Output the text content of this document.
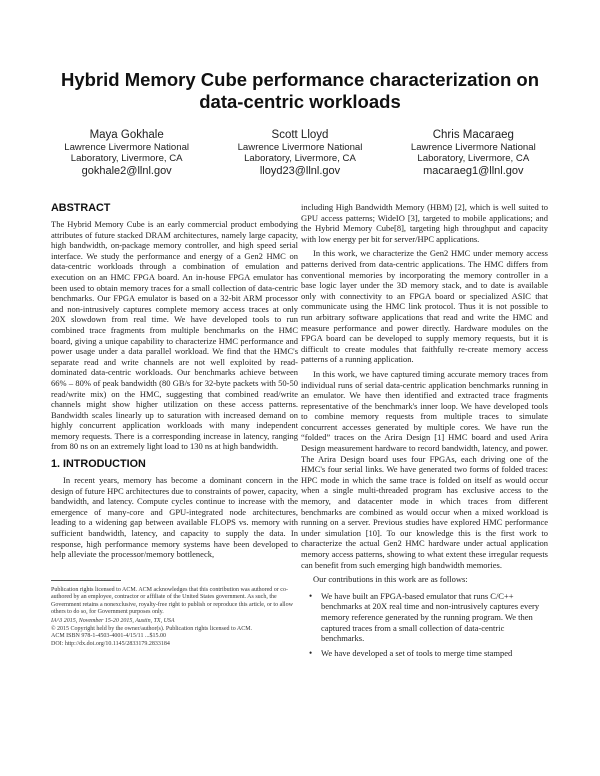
Hybrid Memory Cube performance characterization on data-centric workloads
Maya Gokhale
Lawrence Livermore National
Laboratory, Livermore, CA
gokhale2@llnl.gov
Scott Lloyd
Lawrence Livermore National
Laboratory, Livermore, CA
lloyd23@llnl.gov
Chris Macaraeg
Lawrence Livermore National
Laboratory, Livermore, CA
macaraeg1@llnl.gov
ABSTRACT

The Hybrid Memory Cube is an early commercial product embodying attributes of future stacked DRAM architectures, namely large capacity, high bandwidth, on-package memory controller, and high speed serial interface. We study the performance and energy of a Gen2 HMC on data-centric workloads through a combination of emulation and execution on an HMC FPGA board. An in-house FPGA emulator has been used to obtain memory traces for a small collection of data-centric benchmarks. Our FPGA emulator is based on a 32-bit ARM processor and non-intrusively captures complete memory access traces at only 20X slowdown from real time. We have developed tools to run combined trace fragments from multiple benchmarks on the HMC board, giving a unique capability to characterize HMC performance and power usage under a data parallel workload. We find that the HMC's separate read and write channels are not well exploited by read-dominated data-centric workloads. Our benchmarks achieve between 66% – 80% of peak bandwidth (80 GB/s for 32-byte packets with 50-50 read/write mix) on the HMC, suggesting that combined read/write channels might show higher utilization on these access patterns. Bandwidth scales linearly up to saturation with increased demand on highly concurrent application workloads with many independent memory requests. There is a corresponding increase in latency, ranging from 80 ns on an extremely light load to 130 ns at high bandwidth.

1. INTRODUCTION

In recent years, memory has become a dominant concern in the design of future HPC architectures due to constraints of power, capacity, bandwidth, and latency. Compute cycles continue to increase with the emergence of many-core and GPU-integrated node architectures, leading to a widening gap between available FLOPS vs. memory with sufficient bandwidth, latency, and capacity to supply the data. In response, high performance memory systems have been developed to help alleviate the processor/memory bottleneck,

Publication rights licensed to ACM. ACM acknowledges that this contribution was authored or co-authored by an employee, contractor or affiliate of the United States government. As such, the Government retains a nonexclusive, royalty-free right to publish or reproduce this article, or to allow others to do so, for Government purposes only.

IA^3 2015, November 15-20 2015, Austin, TX, USA

© 2015 Copyright held by the owner/author(s). Publication rights licensed to ACM.

ACM ISBN 978-1-4503-4001-4/15/11 ...$15.00

DOI: http://dx.doi.org/10.1145/2833179.2833184

including High Bandwidth Memory (HBM) [2], which is well suited to GPU access patterns; WideIO [3], targeted to mobile applications; and the Hybrid Memory Cube[8], targeting high throughput and capacity with low energy per bit for server/HPC applications.

In this work, we characterize the Gen2 HMC under memory access patterns derived from data-centric applications. The HMC differs from conventional memories by incorporating the memory controller in a base logic layer under the 3D memory stack, and to date is available only with connectivity to an FPGA board or specialized ASIC that communicate using the HMC link protocol. Thus it is not possible to run arbitrary software applications that read and write the HMC and measure performance and power directly. Hardware modules on the FPGA board can be developed to supply memory requests, but it is difficult to create modules that faithfully re-create memory access patterns of a running application.

In this work, we have captured timing accurate memory traces from individual runs of serial data-centric application benchmarks running in an emulator. We have then identified and extracted trace fragments representative of the benchmark's inner loop. We have developed tools to combine memory requests from multiple traces to simulate concurrent accesses generated by multiple cores. We have run the “folded” traces on the Arira Design [1] HMC board and used Arira Design measurement hardware to record bandwidth, latency, and power. The Arira Design board uses four FPGAs, each driving one of the HMC's four serial links. We have generated two forms of folded traces: HPC mode in which the same trace is folded on itself as would occur when a single multi-threaded program has exclusive access to the memory, and datacenter mode in which traces from different benchmarks are combined as would occur when a mixed workload is running on a server. Previous studies have explored HMC performance under simulation [10]. To our knowledge this is the first work to characterize the actual Gen2 HMC hardware under actual application memory access patterns, showing to what extent these irregular requests can benefit from such emerging high bandwidth memories.

Our contributions in this work are as follows:

• We have built an FPGA-based emulator that runs C/C++ benchmarks at 20X real time and non-intrusively captures every memory reference generated by the running program. We then captured traces from a small collection of data-centric benchmarks.
• We have developed a set of tools to merge time stamped
